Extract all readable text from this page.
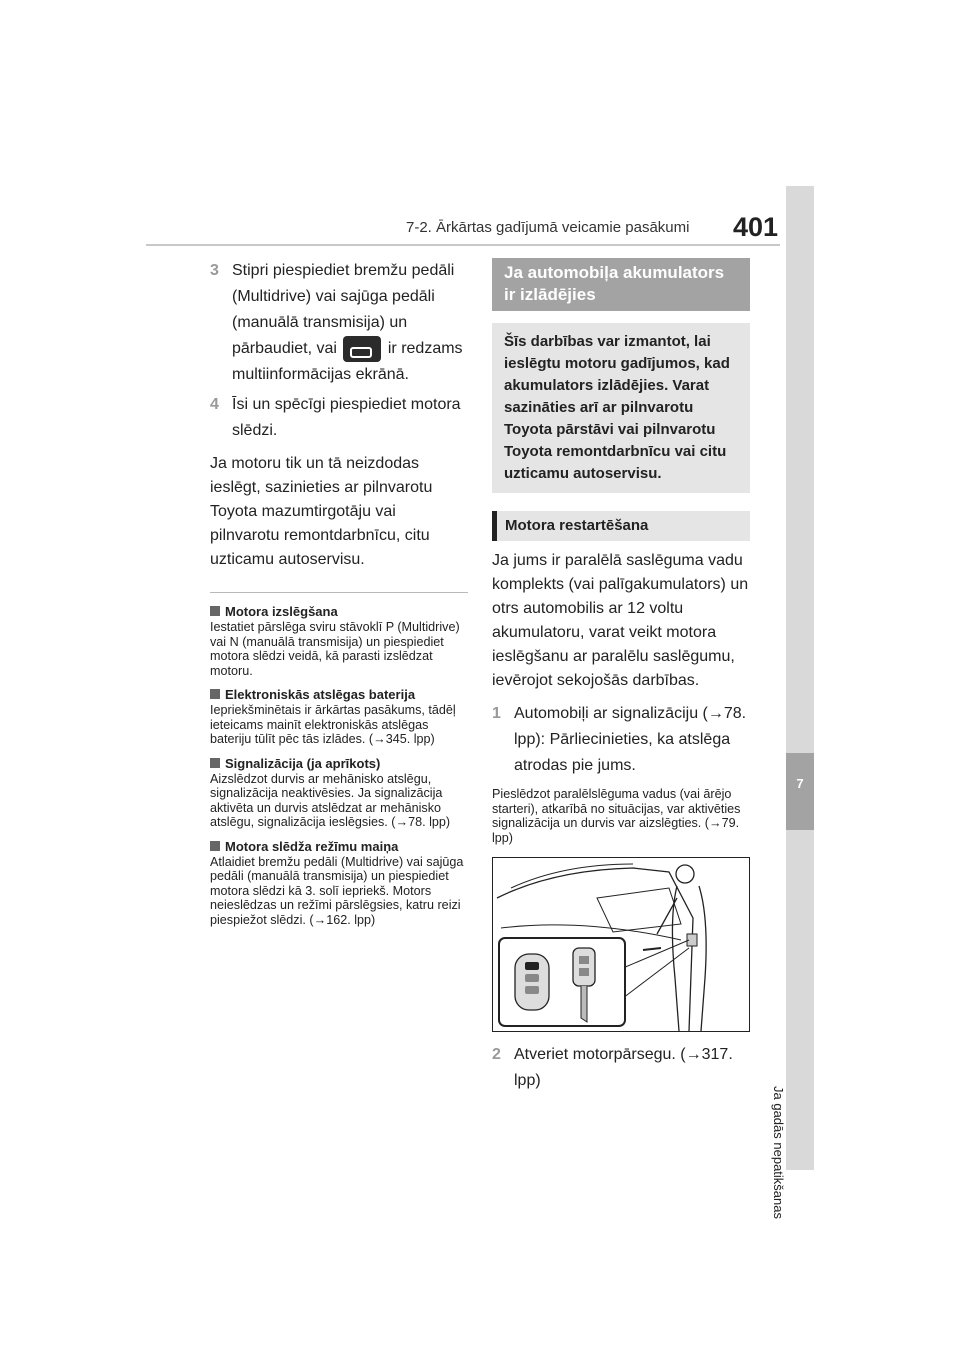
7-2. Ārkārtas gadījumā veicamie pasākumi 401
7
Ja gadās nepatikšanas
3 Stipri piespiediet bremžu pedāli (Multidrive) vai sajūga pedāli (manuālā transmisija) un pārbaudiet, vai	ir redzams multiinformācijas ekrānā.
4 Īsi un spēcīgi piespiediet motora slēdzi.
Ja motoru tik un tā neizdodas ieslēgt, sazinieties ar pilnvarotu Toyota mazumtirgotāju vai pilnvarotu remontdarbnīcu, citu uzticamu autoservisu.
Motora izslēgšana
Iestatiet pārslēga sviru stāvoklī P (Multidrive) vai N (manuālā transmisija) un piespiediet motora slēdzi veidā, kā parasti izslēdzat motoru.
Elektroniskās atslēgas baterija
Iepriekšminētais ir ārkārtas pasākums, tādēļ ieteicams mainīt elektroniskās atslēgas bateriju tūlīt pēc tās izlādes. (→345. lpp)
Signalizācija (ja aprīkots)
Aizslēdzot durvis ar mehānisko atslēgu, signalizācija neaktivēsies. Ja signalizācija aktivēta un durvis atslēdzat ar mehānisko atslēgu, signalizācija ieslēgsies. (→78. lpp)
Motora slēdža režīmu maiņa
Atlaidiet bremžu pedāli (Multidrive) vai sajūga pedāli (manuālā transmisija) un piespiediet motora slēdzi kā 3. solī iepriekš. Motors neieslēdzas un režīmi pārslēgsies, katru reizi piespiežot slēdzi. (→162. lpp)
Ja automobiļa akumulators ir izlādējies
Šīs darbības var izmantot, lai ieslēgtu motoru gadījumos, kad akumulators izlādējies. Varat sazināties arī ar pilnvarotu Toyota pārstāvi vai pilnvarotu Toyota remontdarbnīcu vai citu uzticamu autoservisu.
Motora restartēšana
Ja jums ir paralēlā saslēguma vadu komplekts (vai palīgakumulators) un otrs automobilis ar 12 voltu akumulatoru, varat veikt motora ieslēgšanu ar paralēlu saslēgumu, ievērojot sekojošās darbības.
1 Automobiļi ar signalizāciju (→78. lpp): Pārliecinieties, ka atslēga atrodas pie jums.
Pieslēdzot paralēlslēguma vadus (vai ārējo starteri), atkarībā no situācijas, var aktivēties signalizācija un durvis var aizslēgties. (→79. lpp)
2 Atveriet motorpārsegu. (→317. lpp)
